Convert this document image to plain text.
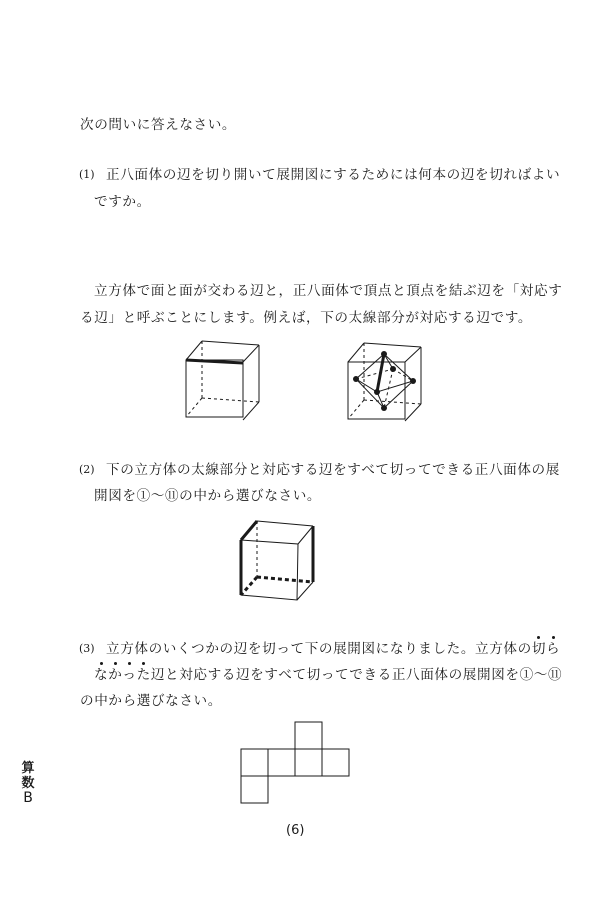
次の問いに答えなさい。
(1) 正八面体の辺を切り開いて展開図にするためには何本の辺を切ればよい
ですか。
立方体で面と面が交わる辺と，正八面体で頂点と頂点を結ぶ辺を「対応す
る辺」と呼ぶことにします。例えば，下の太線部分が対応する辺です。
(2) 下の立方体の太線部分と対応する辺をすべて切ってできる正八面体の展
開図を①～⑪の中から選びなさい。
(3) 立方体のいくつかの辺を切って下の展開図になりました。立方体の切ら
なかった辺と対応する辺をすべて切ってできる正八面体の展開図を①～⑪
の中から選びなさい。
算
数
B
(6)
